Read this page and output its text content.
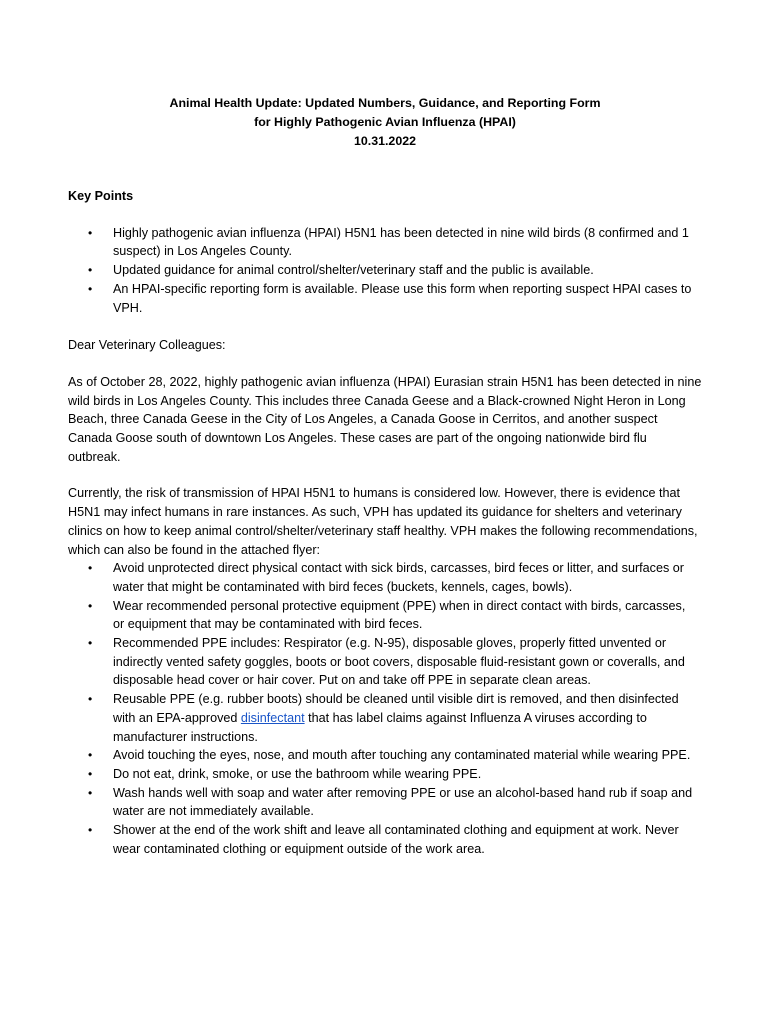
Animal Health Update: Updated Numbers, Guidance, and Reporting Form
for Highly Pathogenic Avian Influenza (HPAI)
10.31.2022
Key Points
• Highly pathogenic avian influenza (HPAI) H5N1 has been detected in nine wild birds (8 confirmed and 1 suspect) in Los Angeles County.
• Updated guidance for animal control/shelter/veterinary staff and the public is available.
• An HPAI-specific reporting form is available. Please use this form when reporting suspect HPAI cases to VPH.
Dear Veterinary Colleagues:
As of October 28, 2022, highly pathogenic avian influenza (HPAI) Eurasian strain H5N1 has been detected in nine wild birds in Los Angeles County. This includes three Canada Geese and a Black-crowned Night Heron in Long Beach, three Canada Geese in the City of Los Angeles, a Canada Goose in Cerritos, and another suspect Canada Goose south of downtown Los Angeles. These cases are part of the ongoing nationwide bird flu outbreak.
Currently, the risk of transmission of HPAI H5N1 to humans is considered low. However, there is evidence that H5N1 may infect humans in rare instances. As such, VPH has updated its guidance for shelters and veterinary clinics on how to keep animal control/shelter/veterinary staff healthy. VPH makes the following recommendations, which can also be found in the attached flyer:
• Avoid unprotected direct physical contact with sick birds, carcasses, bird feces or litter, and surfaces or water that might be contaminated with bird feces (buckets, kennels, cages, bowls).
• Wear recommended personal protective equipment (PPE) when in direct contact with birds, carcasses, or equipment that may be contaminated with bird feces.
• Recommended PPE includes: Respirator (e.g. N-95), disposable gloves, properly fitted unvented or indirectly vented safety goggles, boots or boot covers, disposable fluid-resistant gown or coveralls, and disposable head cover or hair cover. Put on and take off PPE in separate clean areas.
• Reusable PPE (e.g. rubber boots) should be cleaned until visible dirt is removed, and then disinfected with an EPA-approved disinfectant that has label claims against Influenza A viruses according to manufacturer instructions.
• Avoid touching the eyes, nose, and mouth after touching any contaminated material while wearing PPE.
• Do not eat, drink, smoke, or use the bathroom while wearing PPE.
• Wash hands well with soap and water after removing PPE or use an alcohol-based hand rub if soap and water are not immediately available.
• Shower at the end of the work shift and leave all contaminated clothing and equipment at work. Never wear contaminated clothing or equipment outside of the work area.
